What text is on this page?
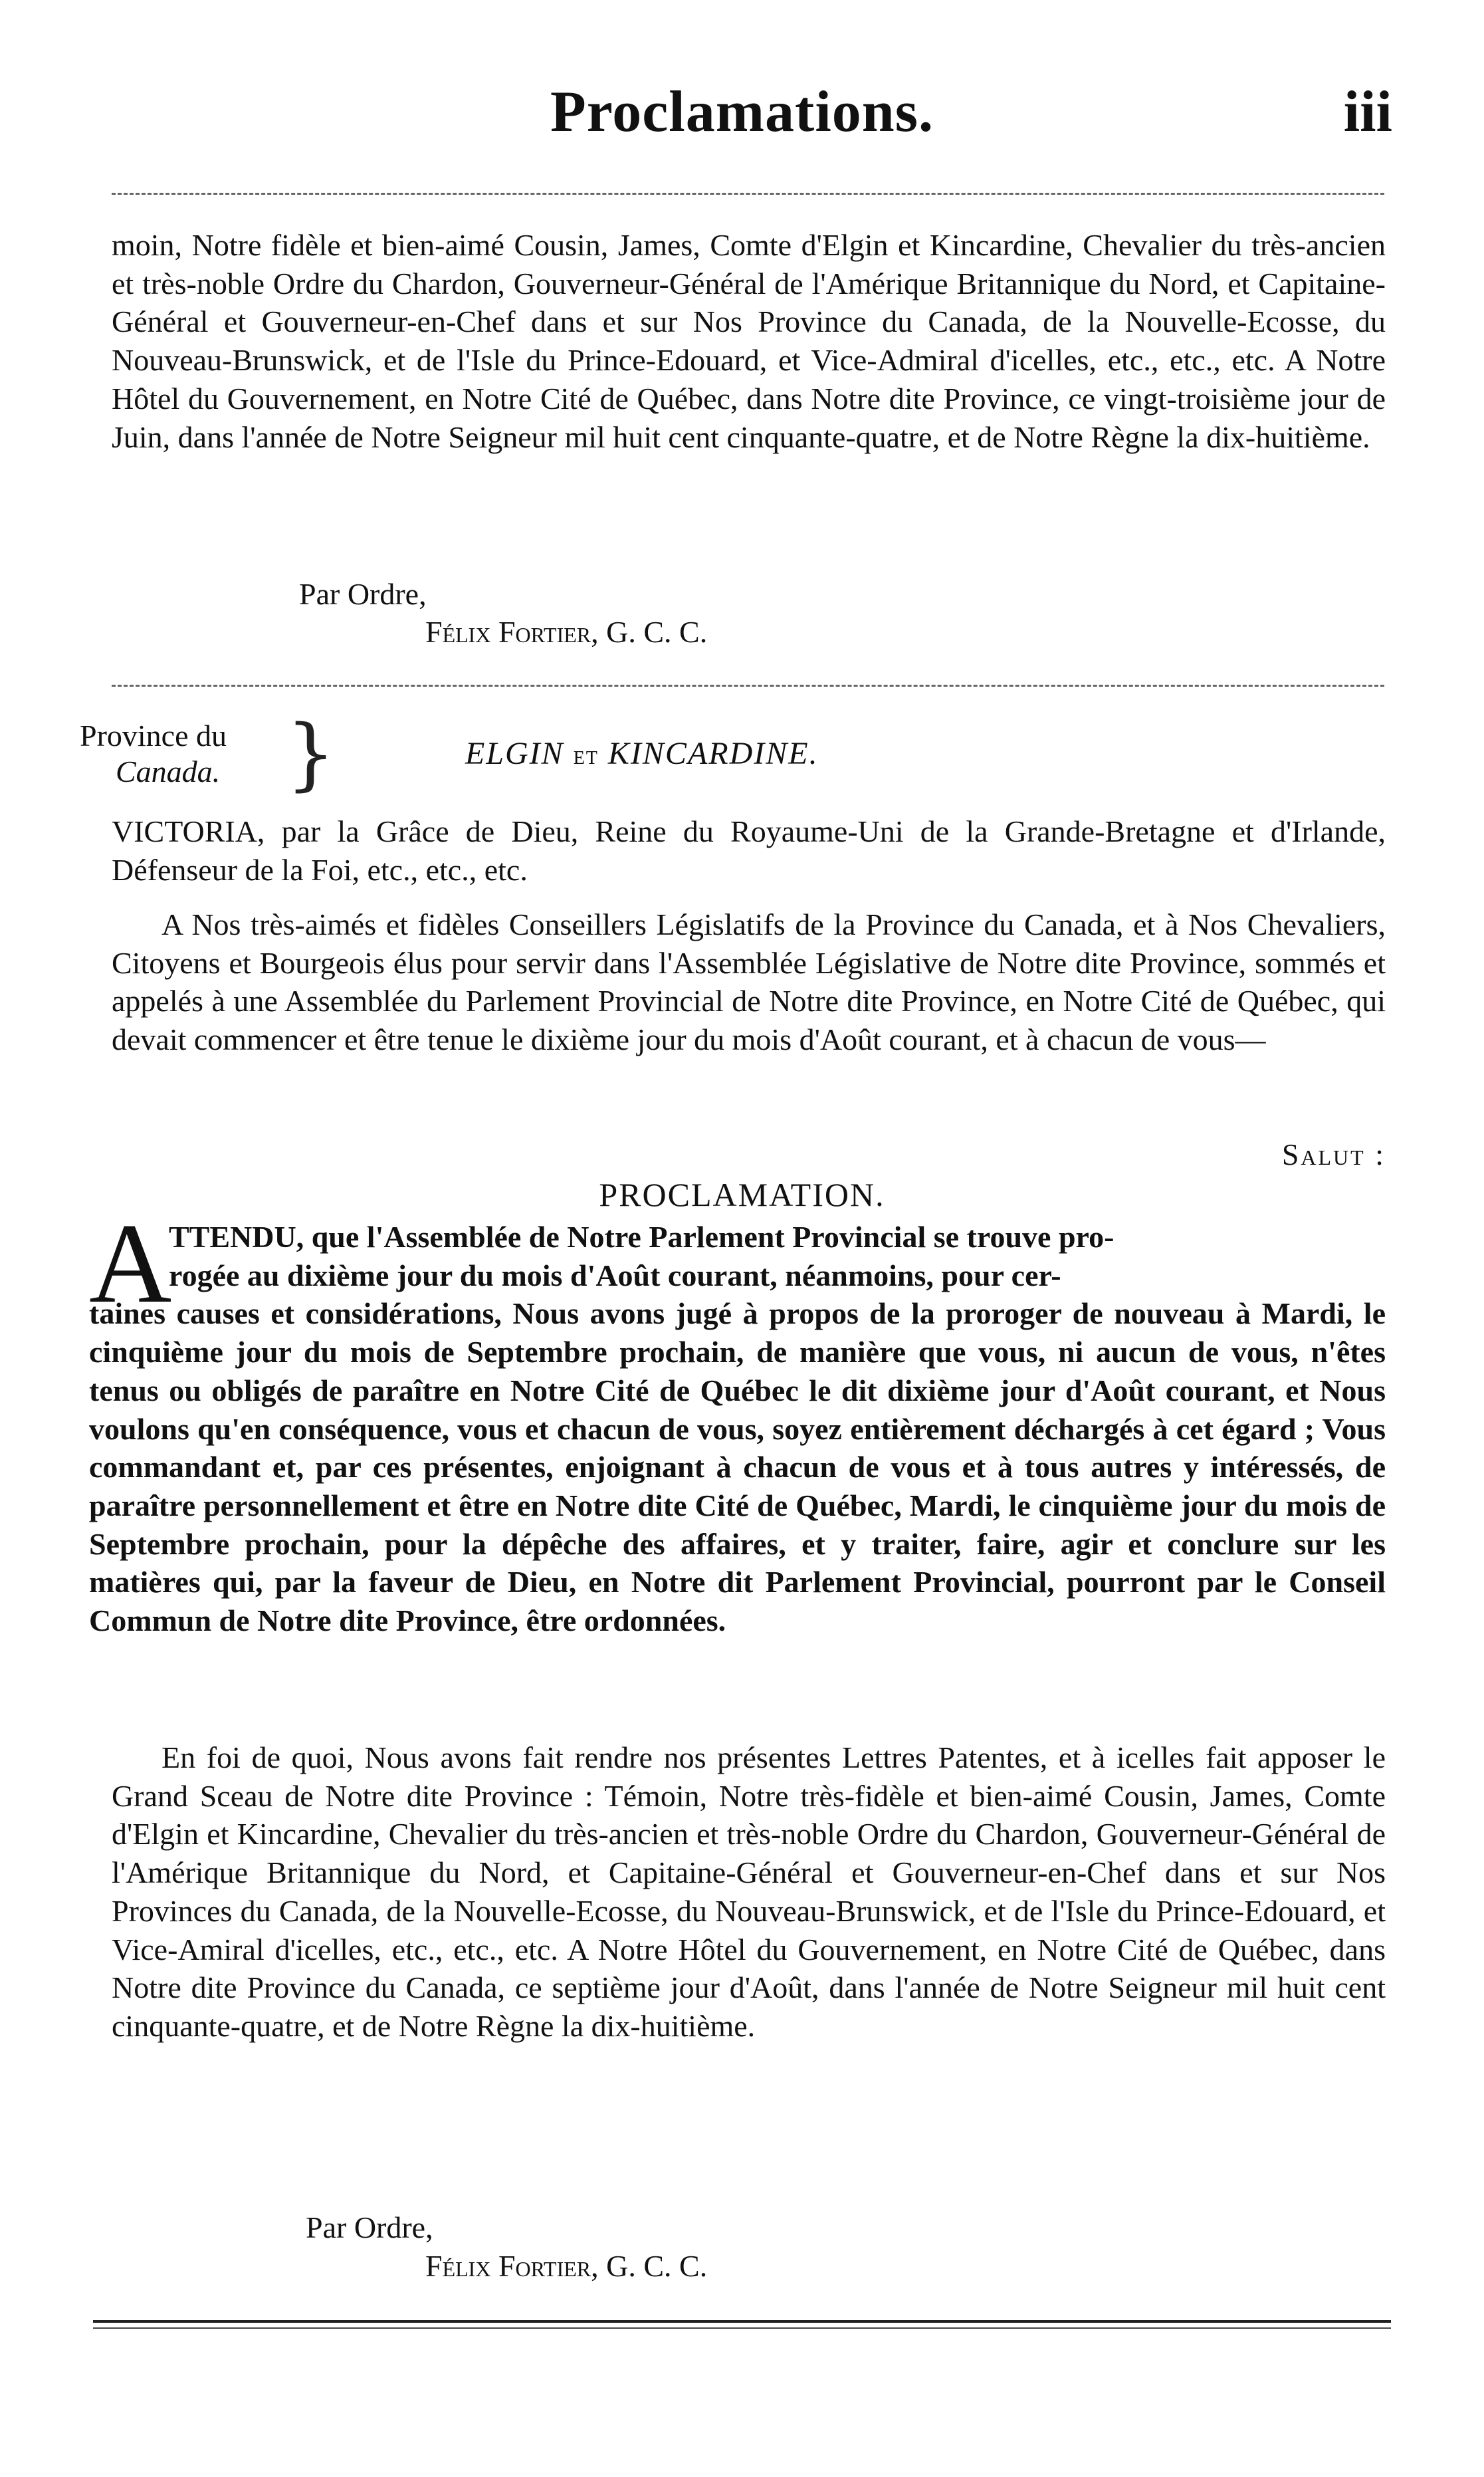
Proclamations.	iii

moin, Notre fidèle et bien-aimé Cousin, James, Comte d'Elgin et Kincardine, Chevalier du très-ancien et très-noble Ordre du Chardon, Gouverneur-Général de l'Amérique Britannique du Nord, et Capitaine-Général et Gouverneur-en-Chef dans et sur Nos Province du Canada, de la Nouvelle-Ecosse, du Nouveau-Brunswick, et de l'Isle du Prince-Edouard, et Vice-Admiral d'icelles, etc., etc., etc. A Notre Hôtel du Gouvernement, en Notre Cité de Québec, dans Notre dite Province, ce vingt-troisième jour de Juin, dans l'année de Notre Seigneur mil huit cent cinquante-quatre, et de Notre Règne la dix-huitième.

Par Ordre,
Félix Fortier, G. C. C.
Province du
Canada. }	ELGIN et KINCARDINE.

VICTORIA, par la Grâce de Dieu, Reine du Royaume-Uni de la Grande-Bretagne et d'Irlande, Défenseur de la Foi, etc., etc., etc.

A Nos très-aimés et fidèles Conseillers Législatifs de la Province du Canada, et à Nos Chevaliers, Citoyens et Bourgeois élus pour servir dans l'Assemblée Législative de Notre dite Province, sommés et appelés à une Assemblée du Parlement Provincial de Notre dite Province, en Notre Cité de Québec, qui devait commencer et être tenue le dixième jour du mois d'Août courant, et à chacun de vous—

Salut :
PROCLAMATION.
A
TTENDU, que l'Assemblée de Notre Parlement Provincial se trouve pro-
rogée au dixième jour du mois d'Août courant, néanmoins, pour cer-
taines causes et considérations, Nous avons jugé à propos de la proroger de nouveau à Mardi, le cinquième jour du mois de Septembre prochain, de manière que vous, ni aucun de vous, n'êtes tenus ou obligés de paraître en Notre Cité de Québec le dit dixième jour d'Août courant, et Nous voulons qu'en conséquence, vous et chacun de vous, soyez entièrement déchargés à cet égard ; Vous commandant et, par ces présentes, enjoignant à chacun de vous et à tous autres y intéressés, de paraître personnellement et être en Notre dite Cité de Québec, Mardi, le cinquième jour du mois de Septembre prochain, pour la dépêche des affaires, et y traiter, faire, agir et conclure sur les matières qui, par la faveur de Dieu, en Notre dit Parlement Provincial, pourront par le Conseil Commun de Notre dite Province, être ordonnées.

En foi de quoi, Nous avons fait rendre nos présentes Lettres Patentes, et à icelles fait apposer le Grand Sceau de Notre dite Province : Témoin, Notre très-fidèle et bien-aimé Cousin, James, Comte d'Elgin et Kincardine, Chevalier du très-ancien et très-noble Ordre du Chardon, Gouverneur-Général de l'Amérique Britannique du Nord, et Capitaine-Général et Gouverneur-en-Chef dans et sur Nos Provinces du Canada, de la Nouvelle-Ecosse, du Nouveau-Brunswick, et de l'Isle du Prince-Edouard, et Vice-Amiral d'icelles, etc., etc., etc. A Notre Hôtel du Gouvernement, en Notre Cité de Québec, dans Notre dite Province du Canada, ce septième jour d'Août, dans l'année de Notre Seigneur mil huit cent cinquante-quatre, et de Notre Règne la dix-huitième.

Par Ordre,
Félix Fortier, G. C. C.
